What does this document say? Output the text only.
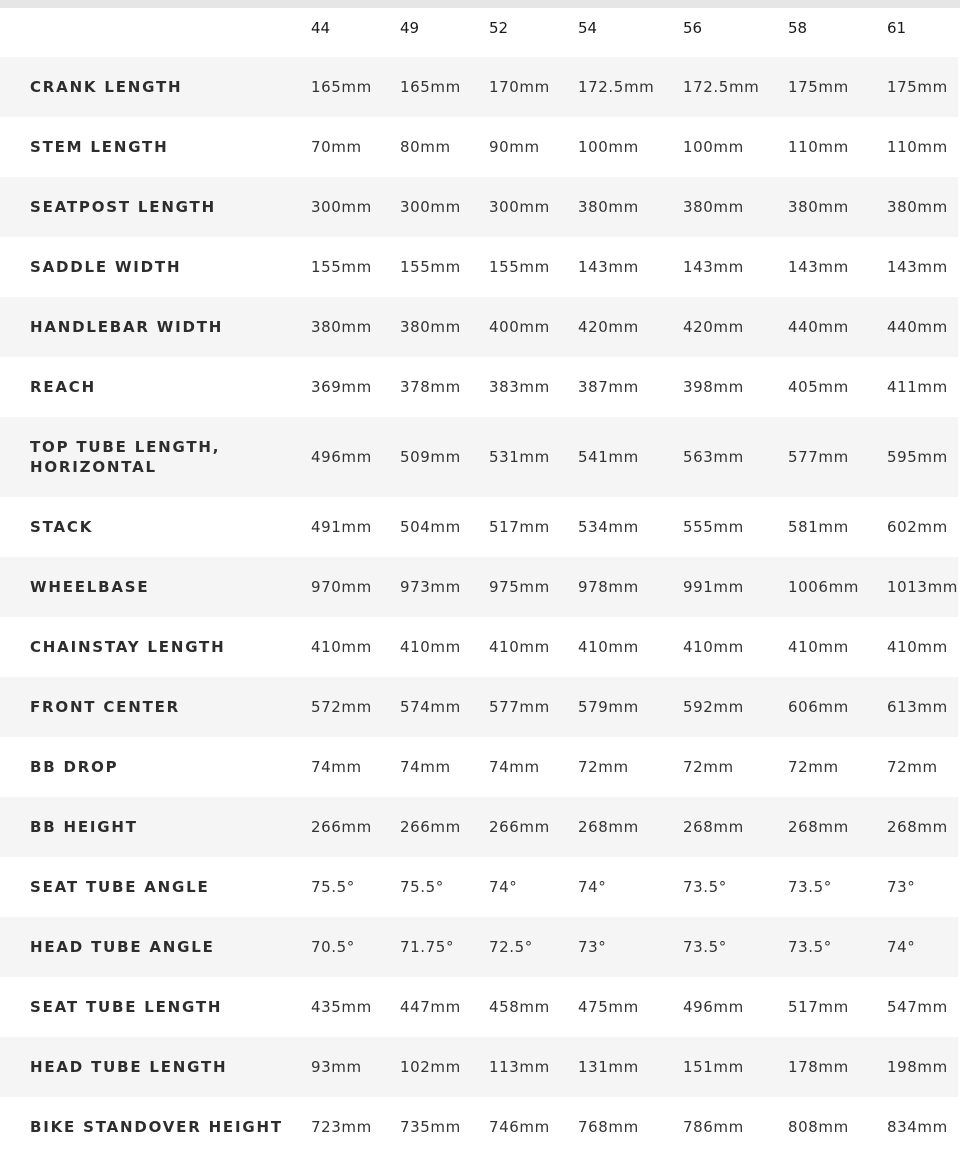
44	49	52	54	56	58	61
CRANK LENGTH	165mm 165mm 170mm 172.5mm 172.5mm 175mm	175mm
STEM LENGTH	70mm	80mm	90mm	100mm	100mm	110mm	110mm
SEATPOST LENGTH	300mm 300mm 300mm 380mm	380mm	380mm	380mm
SADDLE WIDTH	155mm 155mm 155mm 143mm	143mm	143mm	143mm
HANDLEBAR WIDTH	380mm 380mm 400mm 420mm	420mm	440mm	440mm
REACH	369mm 378mm 383mm 387mm	398mm	405mm	411mm
TOP TUBE LENGTH,
HORIZONTAL
496mm 509mm 531mm 541mm	563mm	577mm	595mm
STACK	491mm 504mm 517mm 534mm	555mm	581mm	602mm
WHEELBASE	970mm 973mm 975mm 978mm	991mm	1006mm 1013mm
CHAINSTAY LENGTH	410mm 410mm 410mm 410mm	410mm	410mm	410mm
FRONT CENTER	572mm 574mm 577mm 579mm	592mm	606mm	613mm
BB DROP	74mm	74mm	74mm	72mm	72mm	72mm	72mm
BB HEIGHT	266mm 266mm 266mm 268mm	268mm	268mm	268mm
SEAT TUBE ANGLE	75.5°	75.5°	74°	74°	73.5°	73.5°	73°
HEAD TUBE ANGLE	70.5°	71.75° 72.5°	73°	73.5°	73.5°	74°
SEAT TUBE LENGTH	435mm 447mm 458mm 475mm	496mm	517mm	547mm
HEAD TUBE LENGTH	93mm	102mm 113mm 131mm	151mm	178mm	198mm
BIKE STANDOVER HEIGHT	723mm 735mm 746mm 768mm	786mm	808mm	834mm
